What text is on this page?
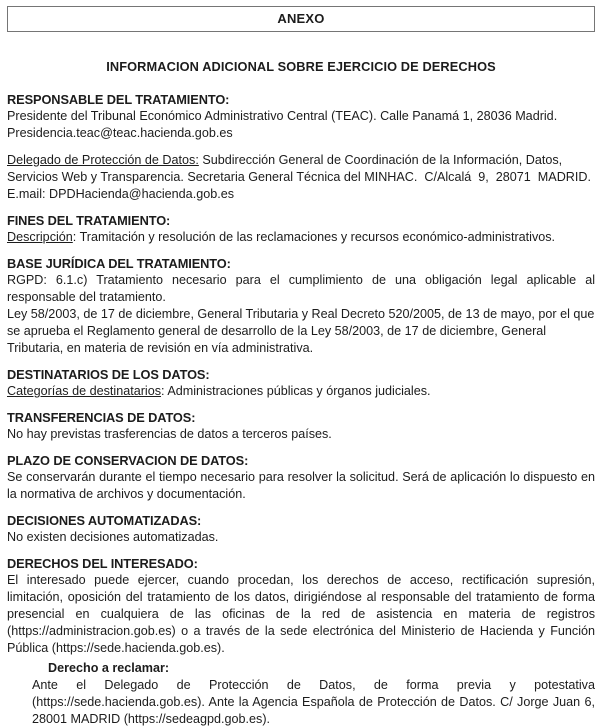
ANEXO
INFORMACION ADICIONAL SOBRE EJERCICIO DE DERECHOS
RESPONSABLE DEL TRATAMIENTO:

Presidente del Tribunal Económico Administrativo Central (TEAC). Calle Panamá 1, 28036 Madrid. Presidencia.teac@teac.hacienda.gob.es

Delegado de Protección de Datos: Subdirección General de Coordinación de la Información, Datos, Servicios Web y Transparencia. Secretaria General Técnica del MINHAC.  C/Alcalá  9,  28071  MADRID. E.mail: DPDHacienda@hacienda.gob.es

FINES DEL TRATAMIENTO:

Descripción: Tramitación y resolución de las reclamaciones y recursos económico-administrativos.

BASE JURÍDICA DEL TRATAMIENTO:

RGPD: 6.1.c) Tratamiento necesario para el cumplimiento de una obligación legal aplicable al responsable del tratamiento.

Ley 58/2003, de 17 de diciembre, General Tributaria y Real Decreto 520/2005, de 13 de mayo, por el que se aprueba el Reglamento general de desarrollo de la Ley 58/2003, de 17 de diciembre, General Tributaria, en materia de revisión en vía administrativa.

DESTINATARIOS DE LOS DATOS:

Categorías de destinatarios: Administraciones públicas y órganos judiciales.

TRANSFERENCIAS DE DATOS:

No hay previstas trasferencias de datos a terceros países.

PLAZO DE CONSERVACION DE DATOS:

Se conservarán durante el tiempo necesario para resolver la solicitud. Será de aplicación lo dispuesto en la normativa de archivos y documentación.

DECISIONES AUTOMATIZADAS:

No existen decisiones automatizadas.

DERECHOS DEL INTERESADO:

El interesado puede ejercer, cuando procedan, los derechos de acceso, rectificación supresión, limitación, oposición del tratamiento de los datos, dirigiéndose al responsable del tratamiento de forma presencial en cualquiera de las oficinas de la red de asistencia en materia de registros (https://administracion.gob.es) o a través de la sede electrónica del Ministerio de Hacienda y Función Pública (https://sede.hacienda.gob.es).

Derecho a reclamar:

Ante el Delegado de Protección de Datos, de forma previa y potestativa (https://sede.hacienda.gob.es). Ante la Agencia Española de Protección de Datos. C/ Jorge Juan 6, 28001 MADRID (https://sedeagpd.gob.es).
